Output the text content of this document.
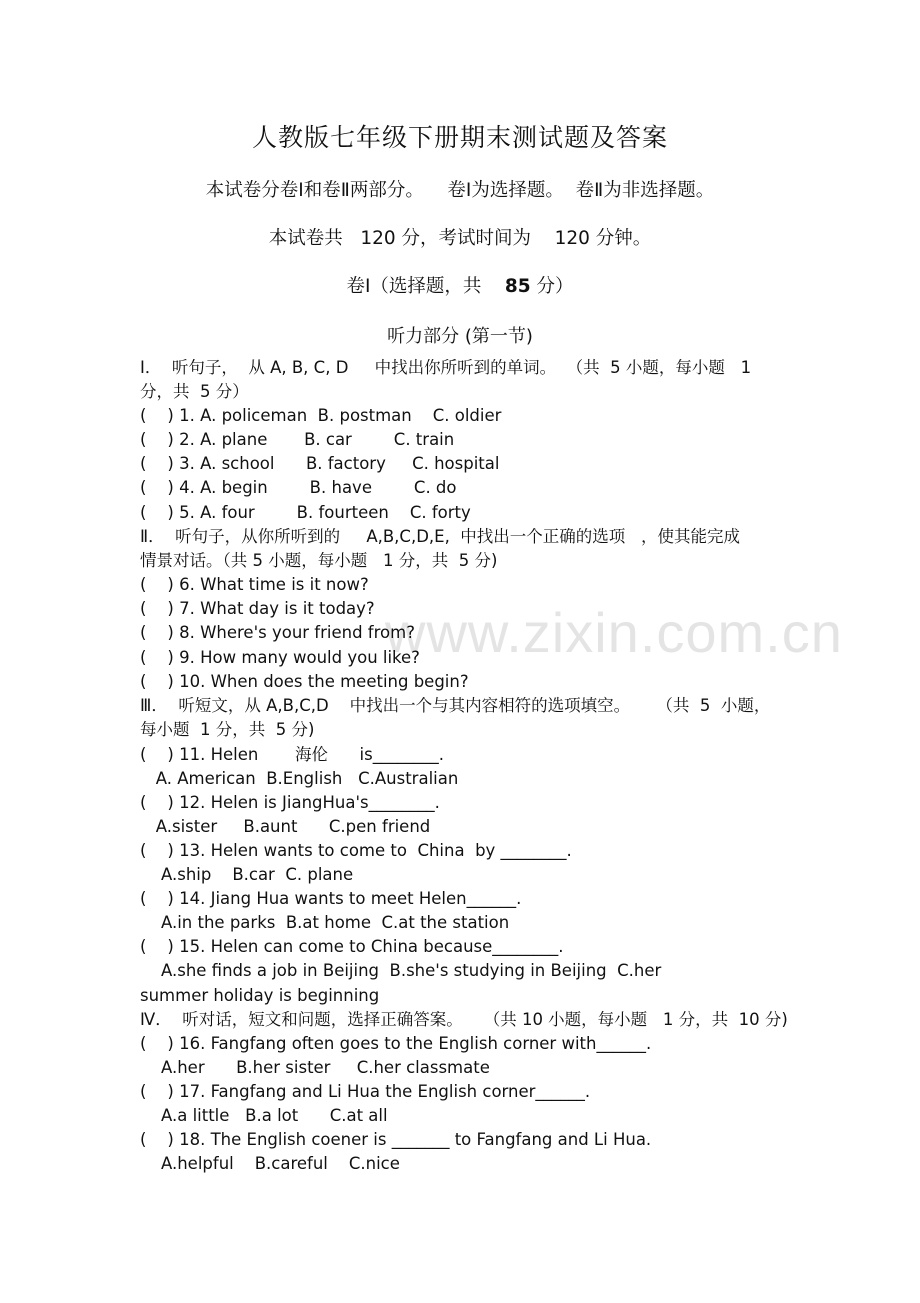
人教版七年级下册期末测试题及答案
本试卷分卷Ⅰ和卷Ⅱ两部分。    卷Ⅰ为选择题。  卷Ⅱ为非选择题。
本试卷共   120 分，考试时间为    120 分钟。
卷Ⅰ（选择题，共    85 分）
听力部分 (第一节)
www.zixin.com.cn
Ⅰ．  听句子，  从 A, B, C, D     中找出你所听到的单词。  （共  5 小题，每小题   1
分，共  5 分）
(    ) 1. A. policeman  B. postman    C. oldier
(    ) 2. A. plane       B. car        C. train
(    ) 3. A. school      B. factory     C. hospital
(    ) 4. A. begin        B. have        C. do
(    ) 5. A. four        B. fourteen    C. forty
Ⅱ．  听句子，从你所听到的     A,B,C,D,E,  中找出一个正确的选项   ，使其能完成
情景对话。（共 5 小题，每小题   1 分，共  5 分)
(    ) 6. What time is it now?
(    ) 7. What day is it today?
(    ) 8. Where's your friend from?
(    ) 9. How many would you like?
(    ) 10. When does the meeting begin?
Ⅲ．  听短文，从 A,B,C,D    中找出一个与其内容相符的选项填空。     （共  5  小题，
每小题  1 分，共  5 分)
(    ) 11. Helen       海伦      is________.
A. American  B.English   C.Australian
(    ) 12. Helen is JiangHua's________.
A.sister     B.aunt      C.pen friend
(    ) 13. Helen wants to come to  China  by ________.
A.ship    B.car  C. plane
(    ) 14. Jiang Hua wants to meet Helen______.
A.in the parks  B.at home  C.at the station
(    ) 15. Helen can come to China because________.
A.she finds a job in Beijing  B.she's studying in Beijing  C.her
summer holiday is beginning
Ⅳ．  听对话，短文和问题，选择正确答案。    （共 10 小题，每小题   1 分，共  10 分)
(    ) 16. Fangfang often goes to the English corner with______.
A.her      B.her sister     C.her classmate
(    ) 17. Fangfang and Li Hua the English corner______.
A.a little   B.a lot      C.at all
(    ) 18. The English coener is _______ to Fangfang and Li Hua.
A.helpful    B.careful    C.nice
